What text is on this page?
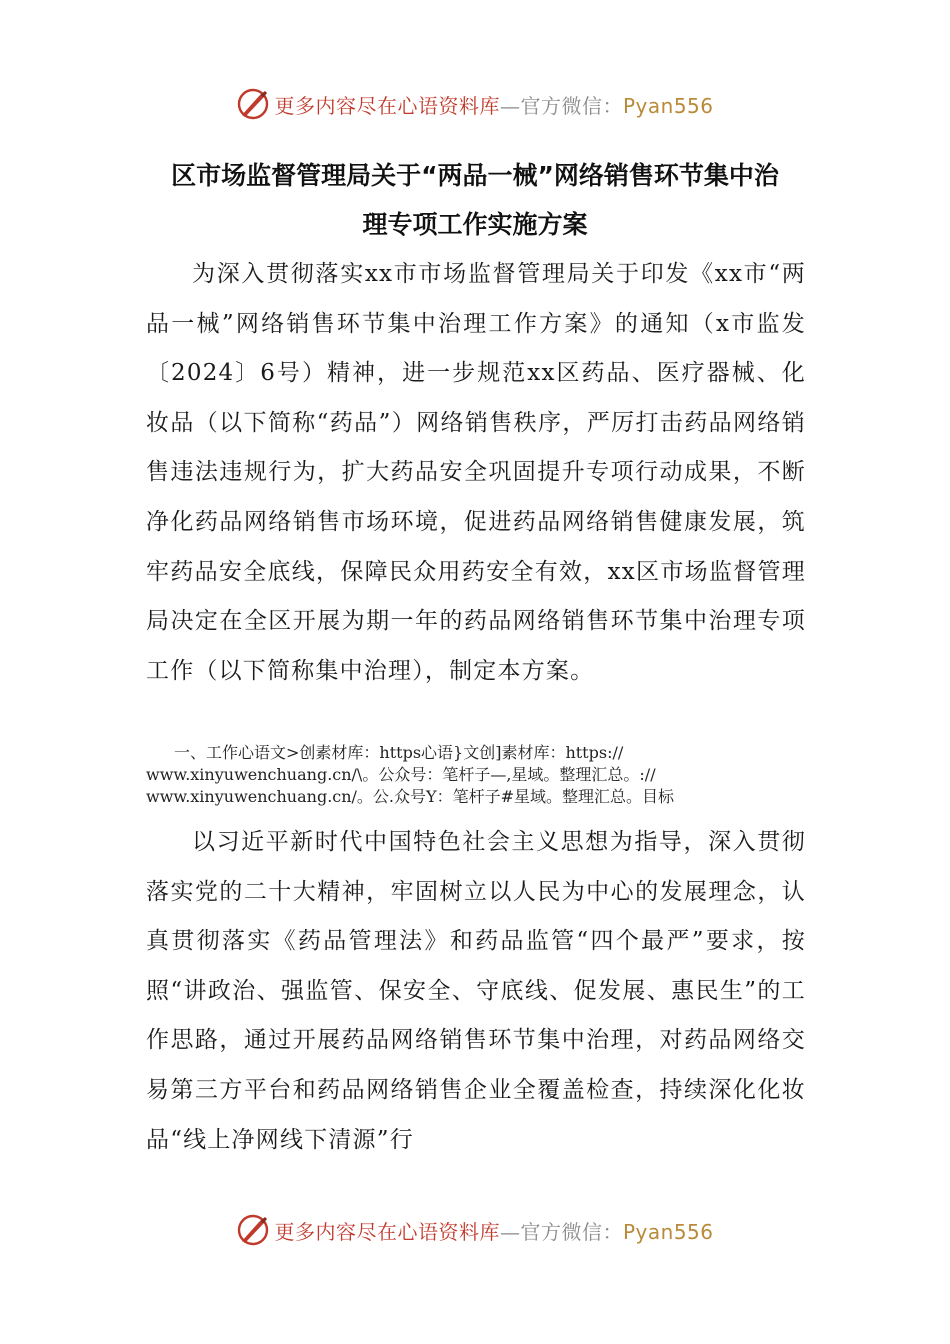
更多内容尽在心语资料库—官方微信：Pyan556
区市场监督管理局关于“两品一械”网络销售环节集中治
理专项工作实施方案
为深入贯彻落实xx市市场监督管理局关于印发《xx市“两品一械”网络销售环节集中治理工作方案》的通知（x市监发〔2024〕6号）精神，进一步规范xx区药品、医疗器械、化妆品（以下简称“药品”）网络销售秩序，严厉打击药品网络销售违法违规行为，扩大药品安全巩固提升专项行动成果，不断净化药品网络销售市场环境，促进药品网络销售健康发展，筑牢药品安全底线，保障民众用药安全有效，xx区市场监督管理局决定在全区开展为期一年的药品网络销售环节集中治理专项工作（以下简称集中治理），制定本方案。
一、工作心语文>创素材库：https心语}文创]素材库：https://
www.xinyuwenchuang.cn/\。公众号：笔杆子—,星域。整理汇总。://
www.xinyuwenchuang.cn/。公.众号Y：笔杆子#星域。整理汇总。目标
以习近平新时代中国特色社会主义思想为指导，深入贯彻落实党的二十大精神，牢固树立以人民为中心的发展理念，认真贯彻落实《药品管理法》和药品监管“四个最严”要求，按照“讲政治、强监管、保安全、守底线、促发展、惠民生”的工作思路，通过开展药品网络销售环节集中治理，对药品网络交易第三方平台和药品网络销售企业全覆盖检查，持续深化化妆品“线上净网线下清源”行
更多内容尽在心语资料库—官方微信：Pyan556
